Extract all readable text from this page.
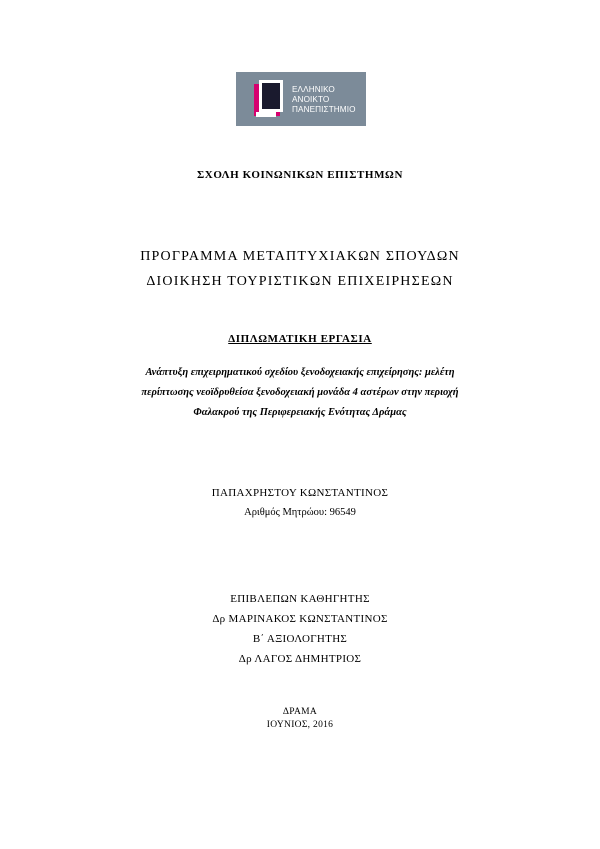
ΕΛΛΗΝΙΚΟ
ΑΝΟΙΚΤΟ
ΠΑΝΕΠΙΣΤΗΜΙΟ
ΣΧΟΛΗ ΚΟΙΝΩΝΙΚΩΝ ΕΠΙΣΤΗΜΩΝ
ΠΡΟΓΡΑΜΜΑ ΜΕΤΑΠΤΥΧΙΑΚΩΝ ΣΠΟΥΔΩΝ
ΔΙΟΙΚΗΣΗ ΤΟΥΡΙΣΤΙΚΩΝ ΕΠΙΧΕΙΡΗΣΕΩΝ
ΔΙΠΛΩΜΑΤΙΚΗ ΕΡΓΑΣΙΑ
Ανάπτυξη επιχειρηματικού σχεδίου ξενοδοχειακής επιχείρησης: μελέτη
περίπτωσης νεοϊδρυθείσα ξενοδοχειακή μονάδα 4 αστέρων στην περιοχή
Φαλακρού της Περιφερειακής Ενότητας Δράμας
ΠΑΠΑΧΡΗΣΤΟΥ ΚΩΝΣΤΑΝΤΙΝΟΣ
Αριθμός Μητρώου: 96549
ΕΠΙΒΛΕΠΩΝ ΚΑΘΗΓΗΤΗΣ
Δρ ΜΑΡΙΝΑΚΟΣ ΚΩΝΣΤΑΝΤΙΝΟΣ
Β΄ ΑΞΙΟΛΟΓΗΤΗΣ
Δρ ΛΑΓΟΣ ΔΗΜΗΤΡΙΟΣ
ΔΡΑΜΑ
ΙΟΥΝΙΟΣ, 2016
